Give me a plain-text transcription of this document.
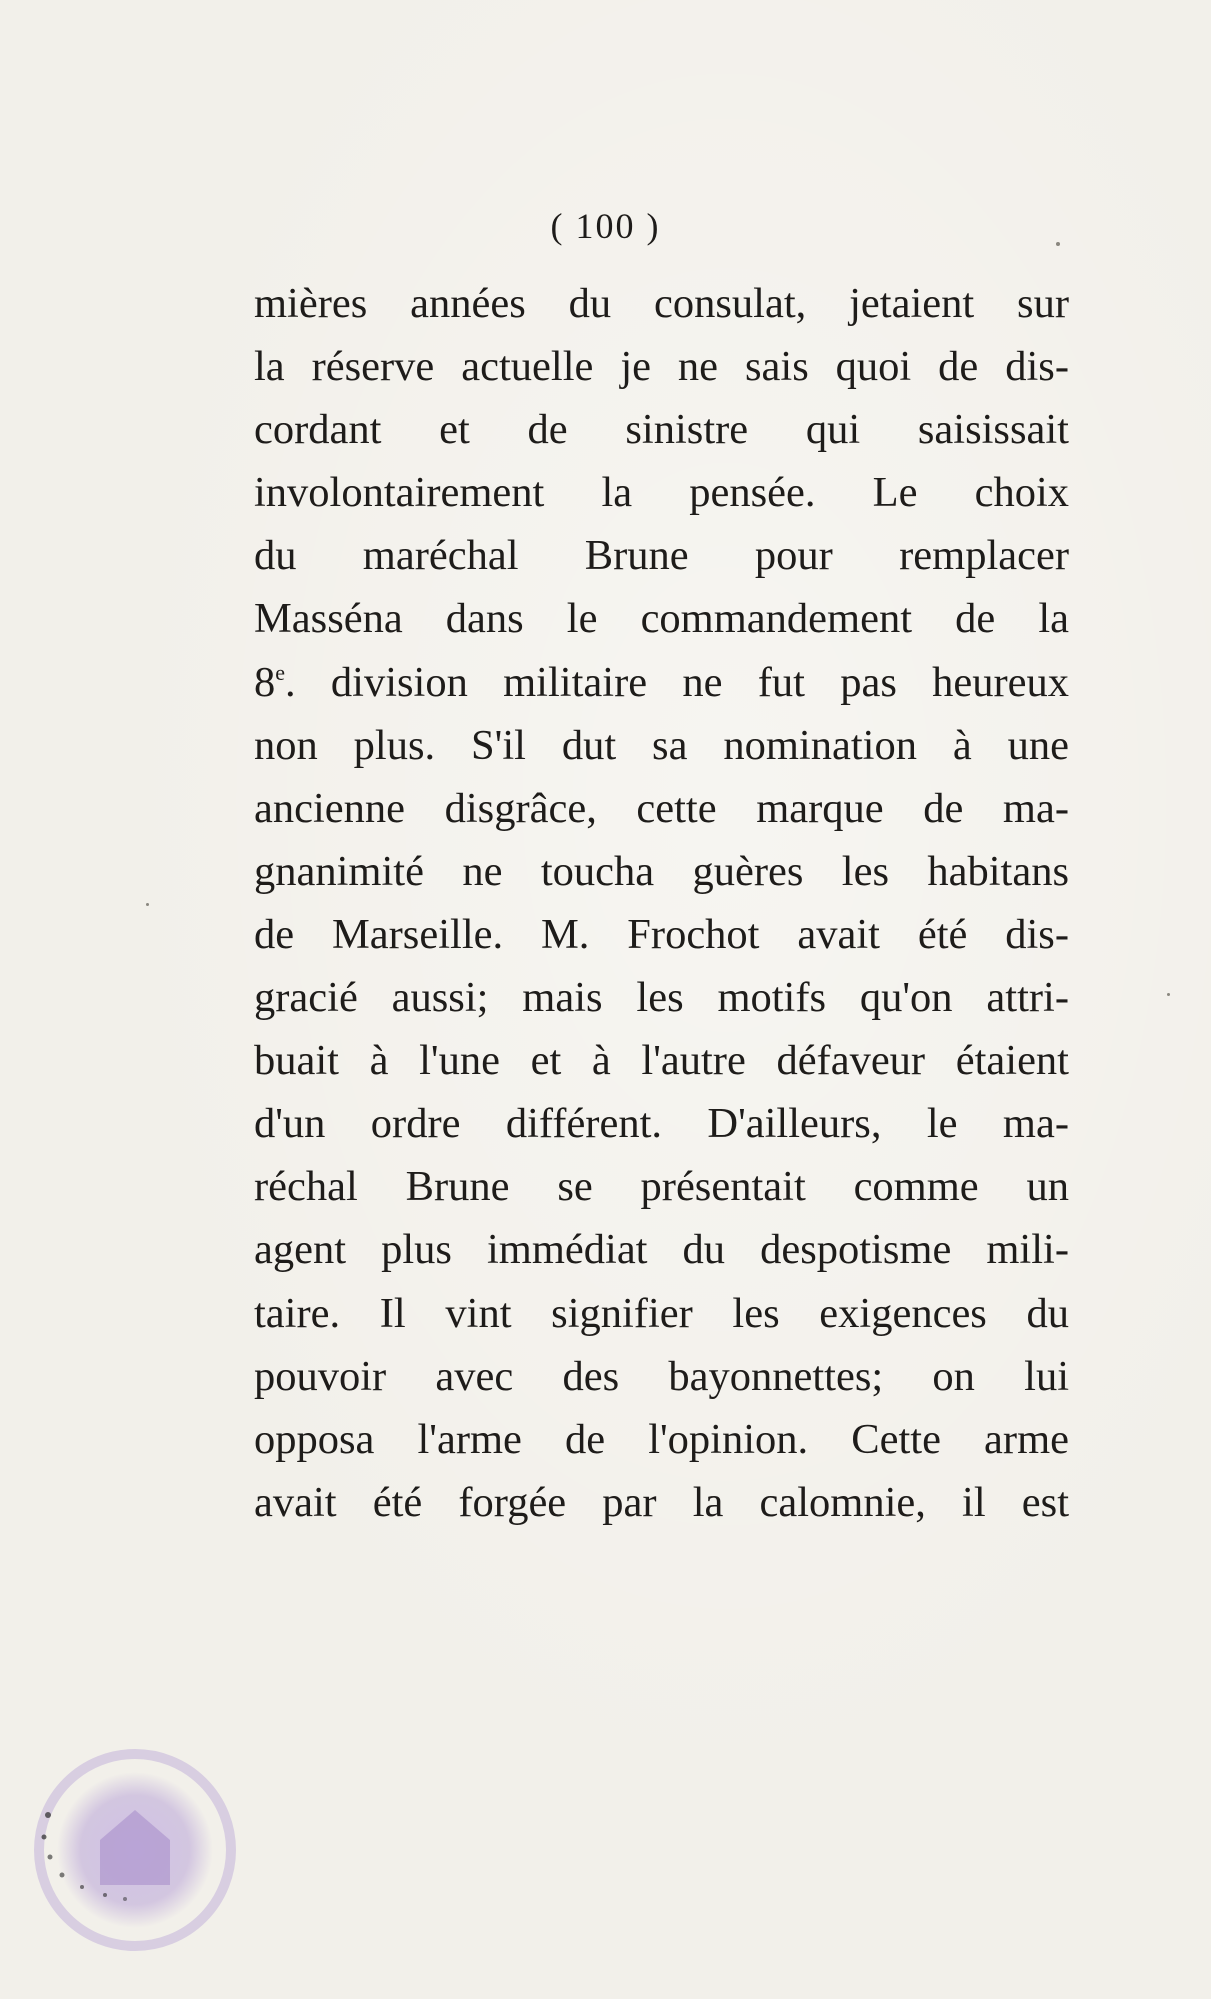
( 100 )
mières années du consulat, jetaient sur
la réserve actuelle je ne sais quoi de dis-
cordant et de sinistre qui saisissait
involontairement la pensée. Le choix
du maréchal Brune pour remplacer
Masséna dans le commandement de la
8e. division militaire ne fut pas heureux
non plus. S'il dut sa nomination à une
ancienne disgrâce, cette marque de ma-
gnanimité ne toucha guères les habitans
de Marseille. M. Frochot avait été dis-
gracié aussi; mais les motifs qu'on attri-
buait à l'une et à l'autre défaveur étaient
d'un ordre différent. D'ailleurs, le ma-
réchal Brune se présentait comme un
agent plus immédiat du despotisme mili-
taire. Il vint signifier les exigences du
pouvoir avec des bayonnettes; on lui
opposa l'arme de l'opinion. Cette arme
avait été forgée par la calomnie, il est
